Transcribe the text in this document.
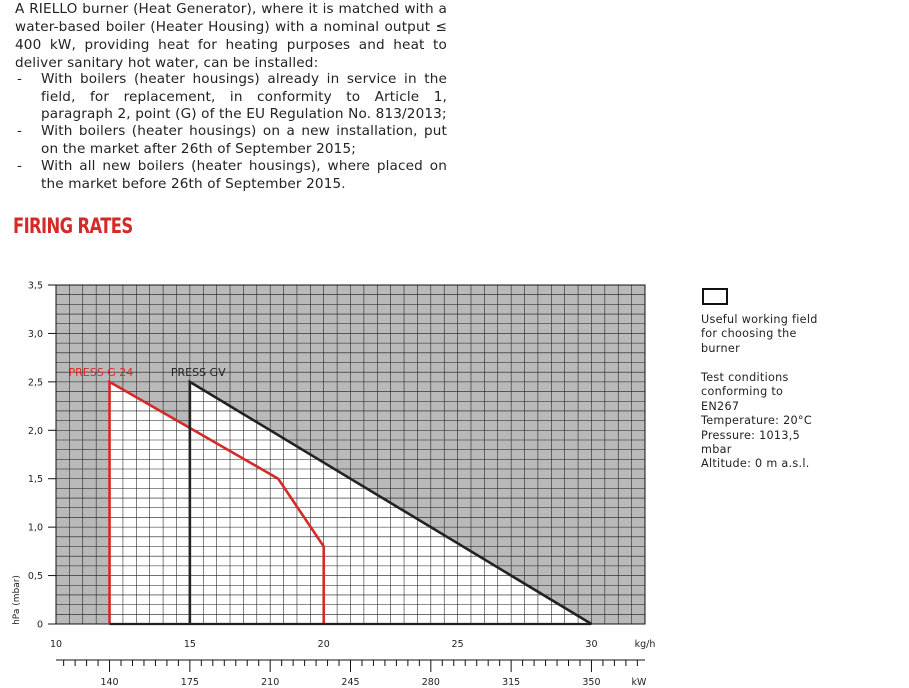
A RIELLO burner (Heat Generator), where it is matched with a water-based boiler (Heater Housing) with a nominal output ≤ 400 kW, providing heat for heating purposes and heat to deliver sanitary hot water, can be installed:

- With boilers (heater housings) already in service in the field, for replacement, in conformity to Article 1, paragraph 2, point (G) of the EU Regulation No. 813/2013;
- With boilers (heater housings) on a new installation, put on the market after 26th of September 2015;
- With all new boilers (heater housings), where placed on the market before 26th of September 2015.
FIRING RATES
0
0,5
1,0
1,5
2,0
2,5
3,0
3,5
hPa (mbar)
10	15	20	25	30	kg/h
140	175	210	245	280	315	350	kW
PRESS G 24	PRESS GV
Useful working field
for choosing the
burner
Test conditions
conforming to
EN267
Temperature: 20°C
Pressure: 1013,5
mbar
Altitude: 0 m a.s.l.
